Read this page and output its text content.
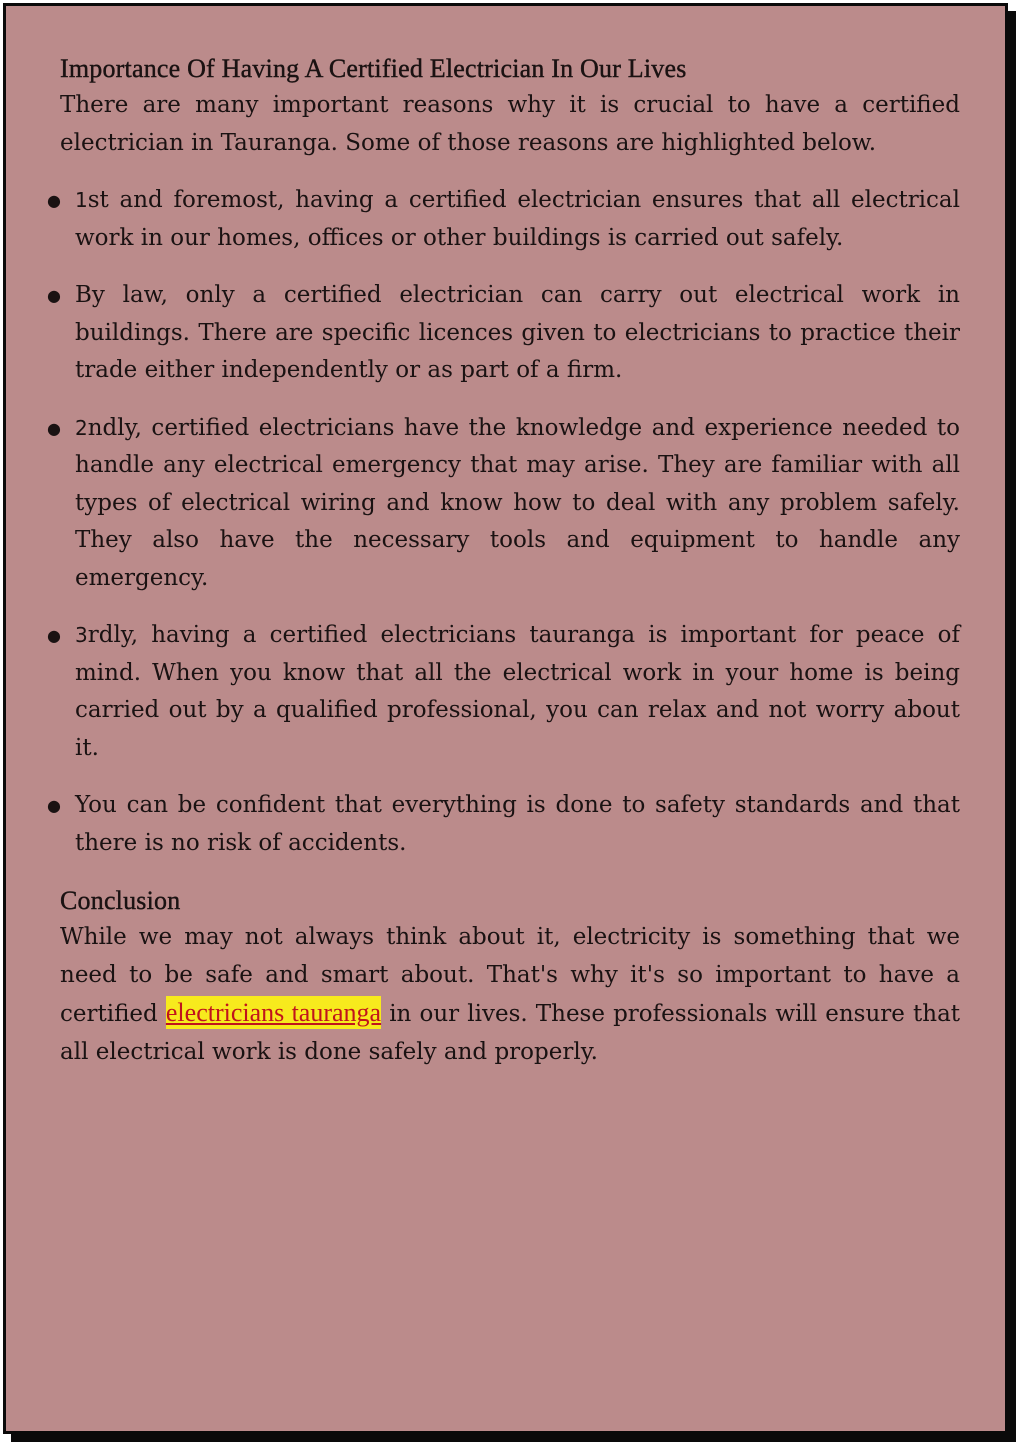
Importance Of Having A Certified Electrician In Our Lives

There are many important reasons why it is crucial to have a certified electrician in Tauranga. Some of those reasons are highlighted below.

● 1st and foremost, having a certified electrician ensures that all electrical work in our homes, offices or other buildings is carried out safely.
● By law, only a certified electrician can carry out electrical work in buildings. There are specific licences given to electricians to practice their trade either independently or as part of a firm.
● 2ndly, certified electricians have the knowledge and experience needed to handle any electrical emergency that may arise. They are familiar with all types of electrical wiring and know how to deal with any problem safely. They also have the necessary tools and equipment to handle any emergency.
● 3rdly, having a certified electricians tauranga is important for peace of mind. When you know that all the electrical work in your home is being carried out by a qualified professional, you can relax and not worry about it.
● You can be confident that everything is done to safety standards and that there is no risk of accidents.
Conclusion

While we may not always think about it, electricity is something that we need to be safe and smart about. That's why it's so important to have a certified electricians tauranga in our lives. These professionals will ensure that all electrical work is done safely and properly.
